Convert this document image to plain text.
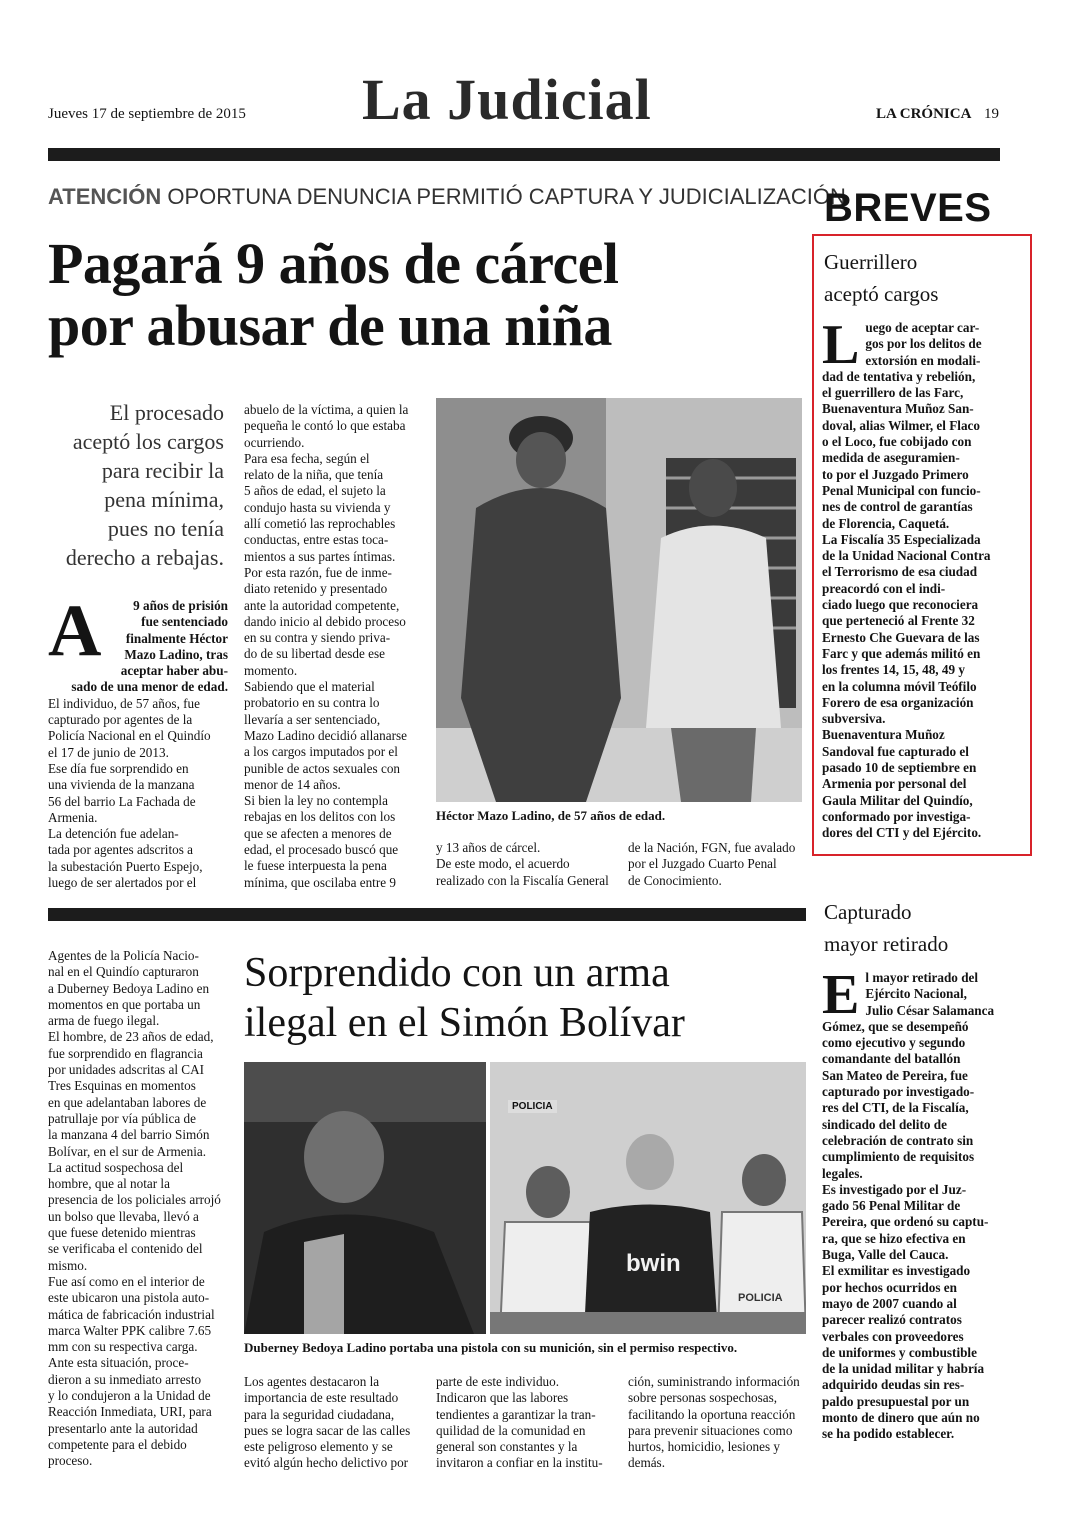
Jueves 17 de septiembre de 2015 La Judicial	LA CRÓNICA 19
ATENCIÓN OPORTUNA DENUNCIA PERMITIÓ CAPTURA Y JUDICIALIZACIÓN
Pagará 9 años de cárcel
por abusar de una niña
El procesado
aceptó los cargos
para recibir la
pena mínima,
pues no tenía
derecho a rebajas.
A	9 años de prisión
fue sentenciado
finalmente Héctor
Mazo Ladino, tras
aceptar haber abu-
sado de una menor de edad.

El individuo, de 57 años, fue
capturado por agentes de la
Policía Nacional en el Quindío
el 17 de junio de 2013.
Ese día fue sorprendido en
una vivienda de la manzana
56 del barrio La Fachada de
Armenia.
La detención fue adelan-
tada por agentes adscritos a
la subestación Puerto Espejo,
luego de ser alertados por el

abuelo de la víctima, a quien la
pequeña le contó lo que estaba
ocurriendo.
Para esa fecha, según el
relato de la niña, que tenía
5 años de edad, el sujeto la
condujo hasta su vivienda y
allí cometió las reprochables
conductas, entre estas toca-
mientos a sus partes íntimas.
Por esta razón, fue de inme-
diato retenido y presentado
ante la autoridad competente,
dando inicio al debido proceso
en su contra y siendo priva-
do de su libertad desde ese
momento.
Sabiendo que el material
probatorio en su contra lo
llevaría a ser sentenciado,
Mazo Ladino decidió allanarse
a los cargos imputados por el
punible de actos sexuales con
menor de 14 años.
Si bien la ley no contempla
rebajas en los delitos con los
que se afecten a menores de
edad, el procesado buscó que
le fuese interpuesta la pena
mínima, que oscilaba entre 9

Héctor Mazo Ladino, de 57 años de edad.

y 13 años de cárcel.
De este modo, el acuerdo
realizado con la Fiscalía General

de la Nación, FGN, fue avalado
por el Juzgado Cuarto Penal
de Conocimiento.

Agentes de la Policía Nacio-
nal en el Quindío capturaron
a Duberney Bedoya Ladino en
momentos en que portaba un
arma de fuego ilegal.
El hombre, de 23 años de edad,
fue sorprendido en flagrancia
por unidades adscritas al CAI
Tres Esquinas en momentos
en que adelantaban labores de
patrullaje por vía pública de
la manzana 4 del barrio Simón
Bolívar, en el sur de Armenia.
La actitud sospechosa del
hombre, que al notar la
presencia de los policiales arrojó
un bolso que llevaba, llevó a
que fuese detenido mientras
se verificaba el contenido del
mismo.
Fue así como en el interior de
este ubicaron una pistola auto-
mática de fabricación industrial
marca Walter PPK calibre 7.65
mm con su respectiva carga.
Ante esta situación, proce-
dieron a su inmediato arresto
y lo condujeron a la Unidad de
Reacción Inmediata, URI, para
presentarlo ante la autoridad
competente para el debido
proceso.

Sorprendido con un arma
ilegal en el Simón Bolívar
POLICIA
bwin
POLICIA
Duberney Bedoya Ladino portaba una pistola con su munición, sin el permiso respectivo.

Los agentes destacaron la
importancia de este resultado
para la seguridad ciudadana,
pues se logra sacar de las calles
este peligroso elemento y se
evitó algún hecho delictivo por

parte de este individuo.
Indicaron que las labores
tendientes a garantizar la tran-
quilidad de la comunidad en
general son constantes y la
invitaron a confiar en la institu-

ción, suministrando información
sobre personas sospechosas,
facilitando la oportuna reacción
para prevenir situaciones como
hurtos, homicidio, lesiones y
demás.

BREVES
Guerrillero
aceptó cargos
L uego de aceptar car-
gos por los delitos de
extorsión en modali-
dad de tentativa y rebelión,

el guerrillero de las Farc,
Buenaventura Muñoz San-
doval, alias Wilmer, el Flaco
o el Loco, fue cobijado con
medida de aseguramien-
to por el Juzgado Primero
Penal Municipal con funcio-
nes de control de garantías
de Florencia, Caquetá.
La Fiscalía 35 Especializada
de la Unidad Nacional Contra
el Terrorismo de esa ciudad
preacordó con el indi-
ciado luego que reconociera
que perteneció al Frente 32
Ernesto Che Guevara de las
Farc y que además militó en
los frentes 14, 15, 48, 49 y
en la columna móvil Teófilo
Forero de esa organización
subversiva.
Buenaventura Muñoz
Sandoval fue capturado el
pasado 10 de septiembre en
Armenia por personal del
Gaula Militar del Quindío,
conformado por investiga-
dores del CTI y del Ejército.

Capturado
mayor retirado
E l mayor retirado del
Ejército Nacional,
Julio César Salamanca

Gómez, que se desempeñó
como ejecutivo y segundo
comandante del batallón
San Mateo de Pereira, fue
capturado por investigado-
res del CTI, de la Fiscalía,
sindicado del delito de
celebración de contrato sin
cumplimiento de requisitos
legales.
Es investigado por el Juz-
gado 56 Penal Militar de
Pereira, que ordenó su captu-
ra, que se hizo efectiva en
Buga, Valle del Cauca.
El exmilitar es investigado
por hechos ocurridos en
mayo de 2007 cuando al
parecer realizó contratos
verbales con proveedores
de uniformes y combustible
de la unidad militar y habría
adquirido deudas sin res-
paldo presupuestal por un
monto de dinero que aún no
se ha podido establecer.
